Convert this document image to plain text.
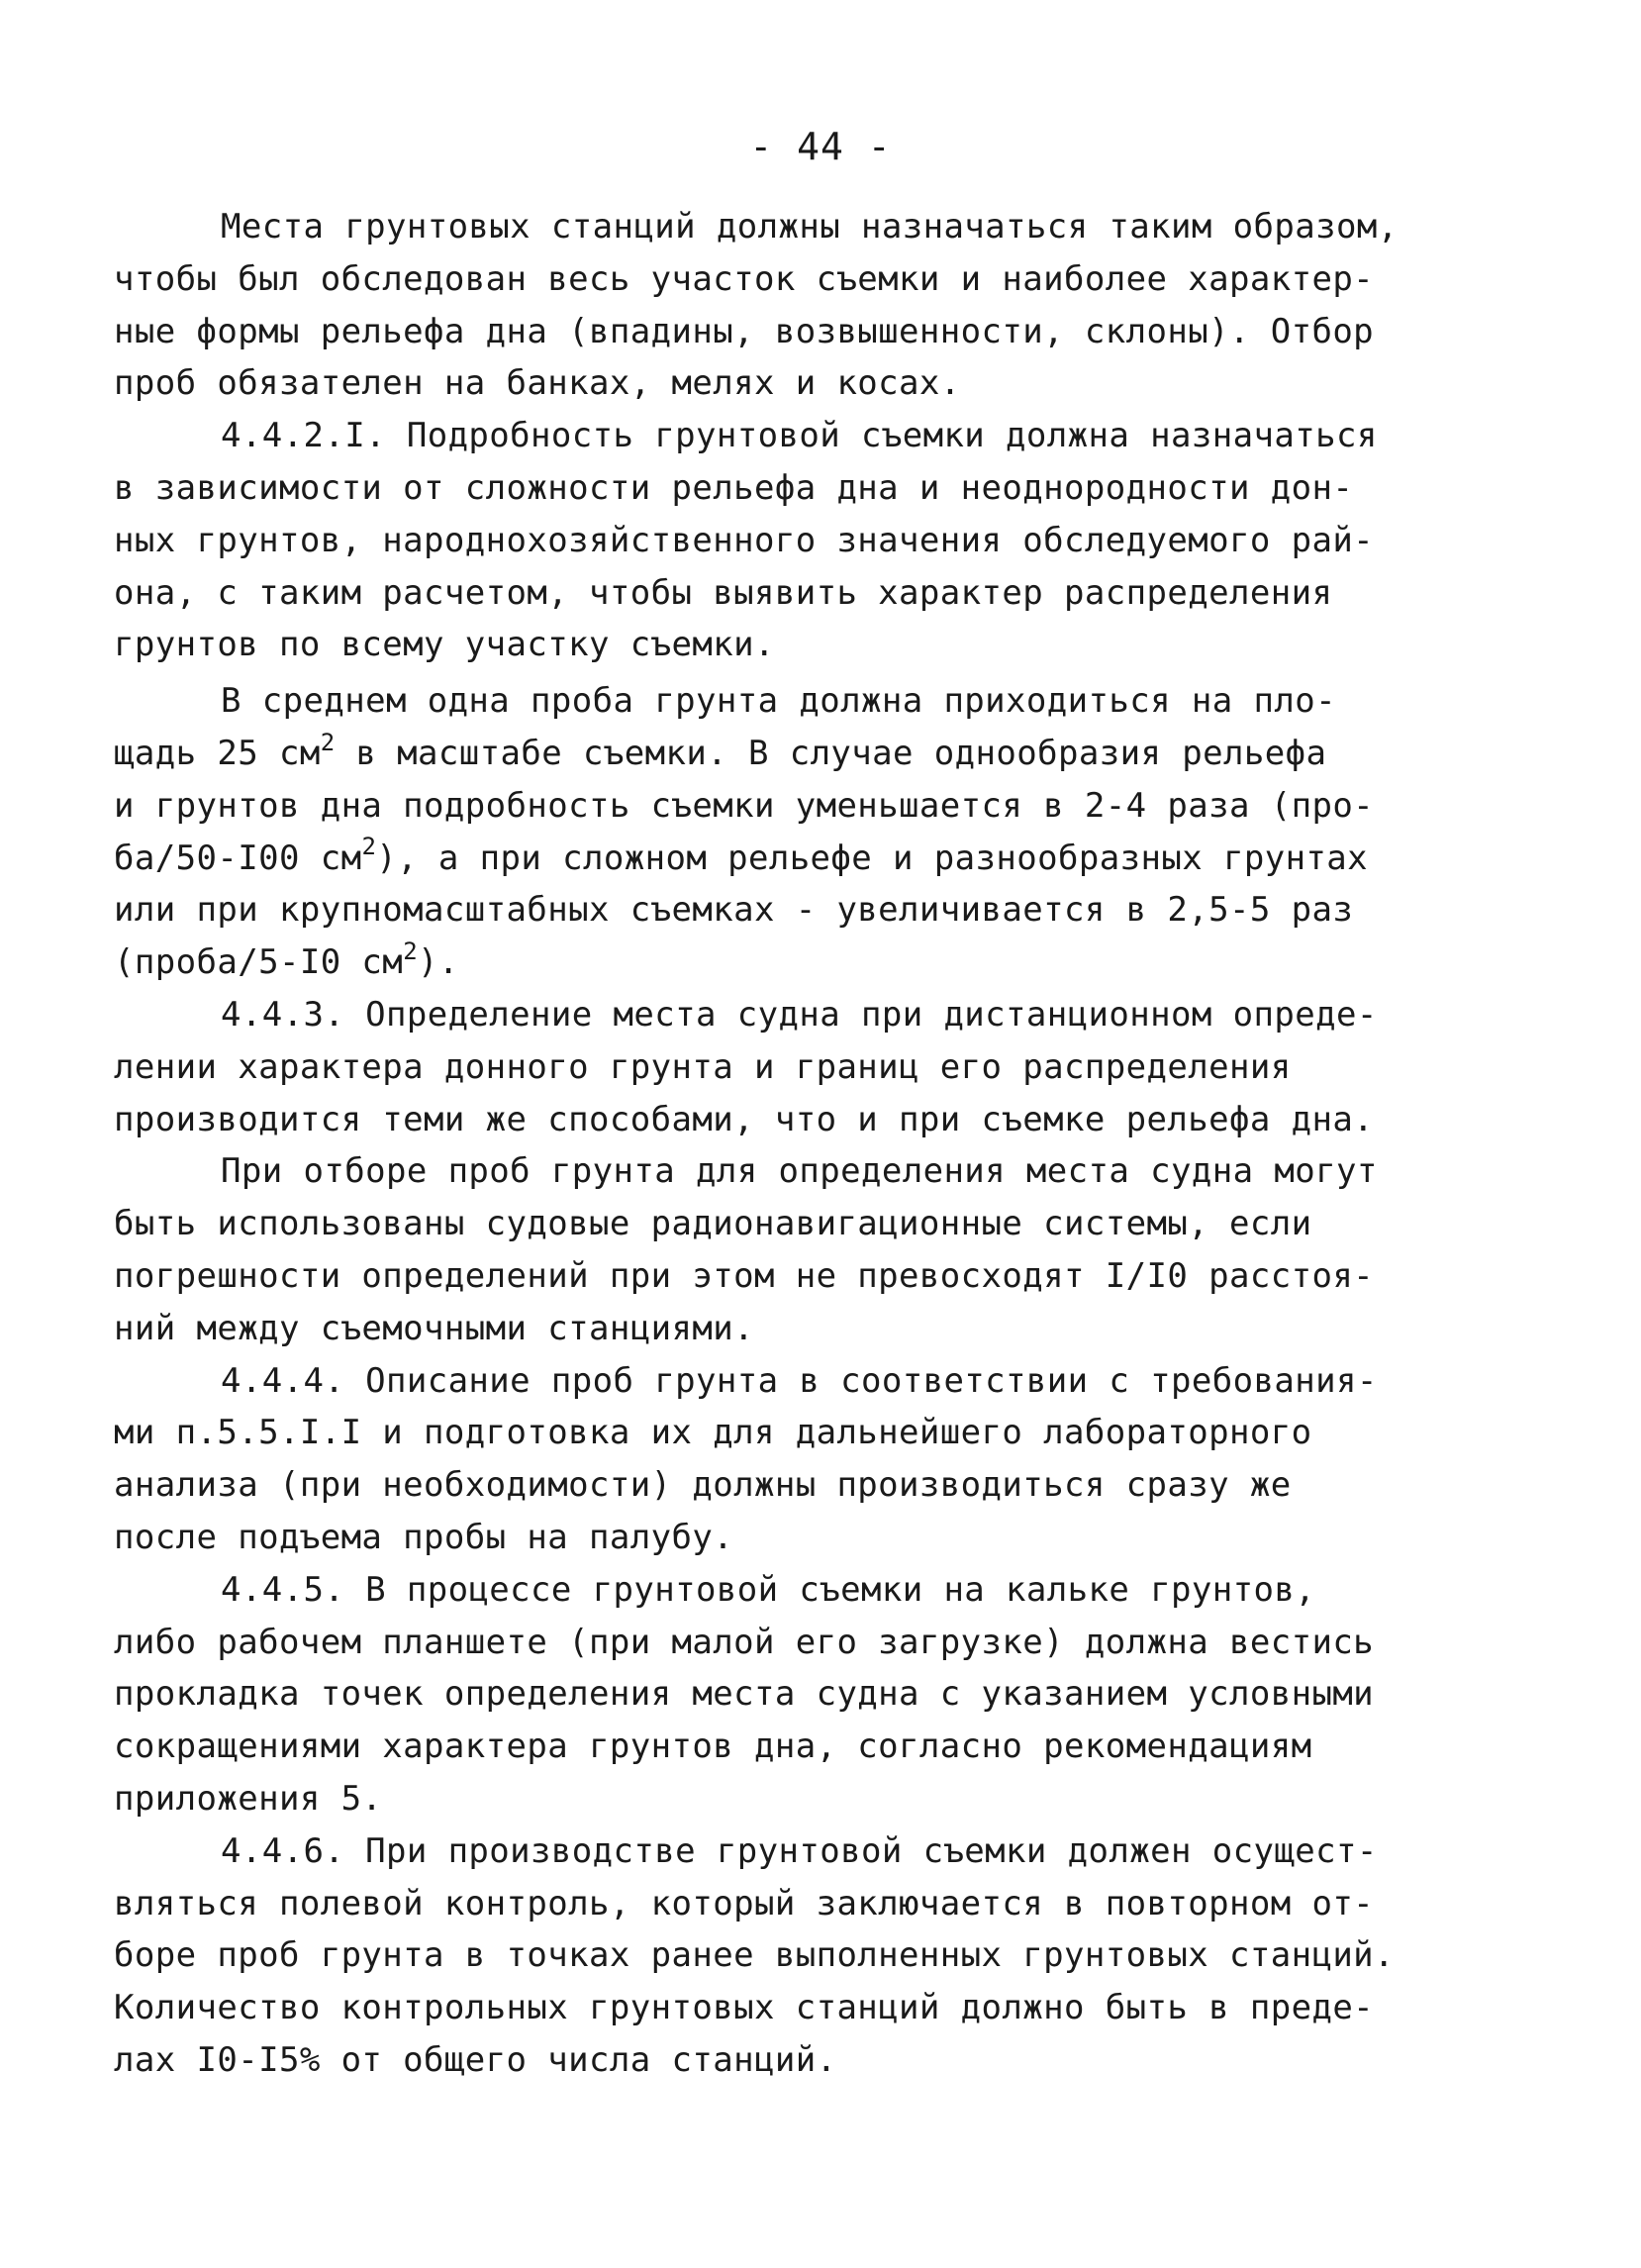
- 44 -
Места грунтовых станций должны назначаться таким образом,
чтобы был обследован весь участок съемки и наиболее характер-
ные формы рельефа дна (впадины, возвышенности, склоны). Отбор
проб обязателен на банках, мелях и косах.
4.4.2.I. Подробность грунтовой съемки должна назначаться
в зависимости от сложности рельефа дна и неоднородности дон-
ных грунтов, народнохозяйственного значения обследуемого рай-
она, с таким расчетом, чтобы выявить характер распределения
грунтов по всему участку съемки.
В среднем одна проба грунта должна приходиться на пло-
щадь 25 $см^2$ в масштабе съемки. В случае однообразия рельефа
и грунтов дна подробность съемки уменьшается в 2-4 раза (про-
ба/50-I00 $см^2$), а при сложном рельефе и разнообразных грунтах
или при крупномасштабных съемках - увеличивается в 2,5-5 раз
(проба/5-I0 $см^2$).
4.4.3. Определение места судна при дистанционном опреде-
лении характера донного грунта и границ его распределения
производится теми же способами, что и при съемке рельефа дна.
При отборе проб грунта для определения места судна могут
быть использованы судовые радионавигационные системы, если
погрешности определений при этом не превосходят I/I0 расстоя-
ний между съемочными станциями.
4.4.4. Описание проб грунта в соответствии с требования-
ми п.5.5.I.I и подготовка их для дальнейшего лабораторного
анализа (при необходимости) должны производиться сразу же
после подъема пробы на палубу.
4.4.5. В процессе грунтовой съемки на кальке грунтов,
либо рабочем планшете (при малой его загрузке) должна вестись
прокладка точек определения места судна с указанием условными
сокращениями характера грунтов дна, согласно рекомендациям
приложения 5.
4.4.6. При производстве грунтовой съемки должен осущест-
вляться полевой контроль, который заключается в повторном от-
боре проб грунта в точках ранее выполненных грунтовых станций.
Количество контрольных грунтовых станций должно быть в преде-
лах I0-I5% от общего числа станций.
